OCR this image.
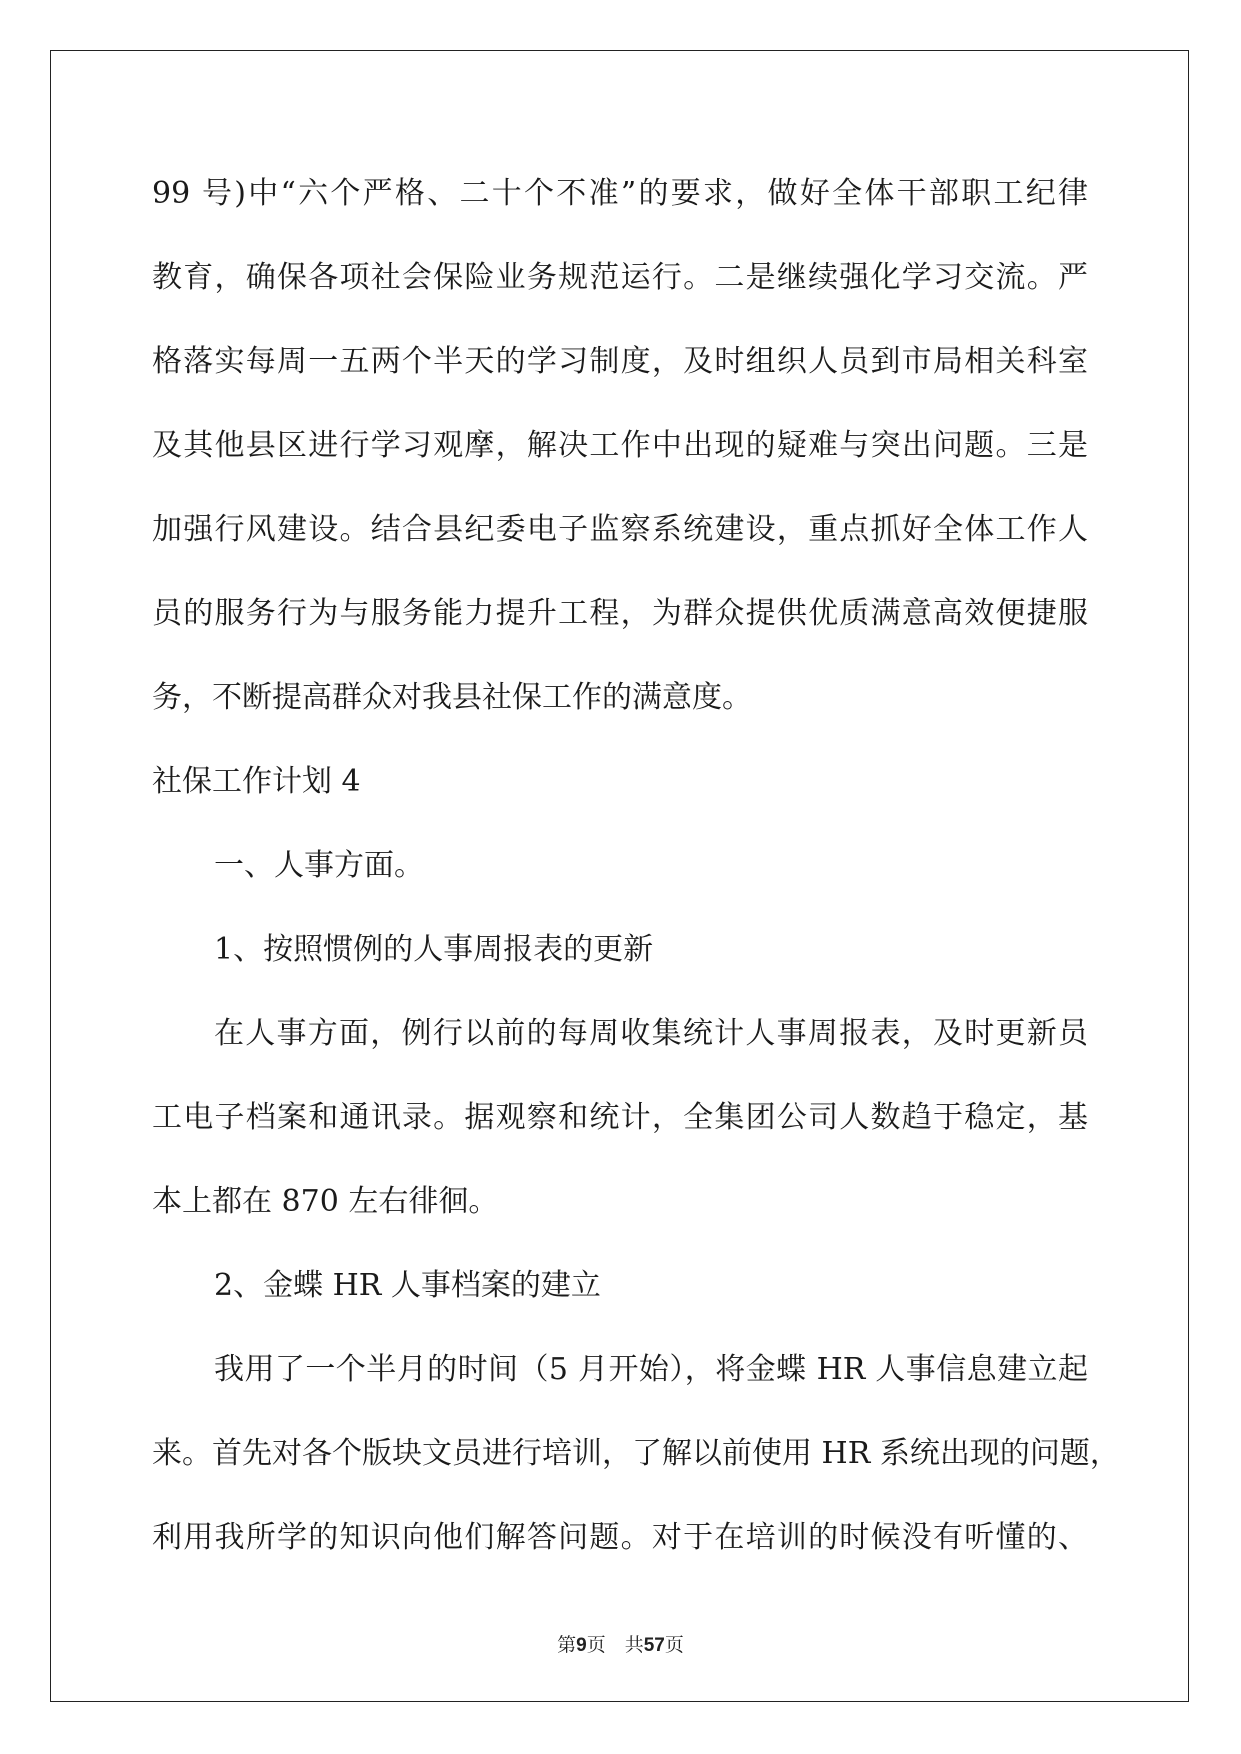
99 号)中“六个严格、二十个不准”的要求，做好全体干部职工纪律
教育，确保各项社会保险业务规范运行。二是继续强化学习交流。严
格落实每周一五两个半天的学习制度，及时组织人员到市局相关科室
及其他县区进行学习观摩，解决工作中出现的疑难与突出问题。三是
加强行风建设。结合县纪委电子监察系统建设，重点抓好全体工作人
员的服务行为与服务能力提升工程，为群众提供优质满意高效便捷服
务，不断提高群众对我县社保工作的满意度。
社保工作计划 4
一、人事方面。
1、按照惯例的人事周报表的更新
在人事方面，例行以前的每周收集统计人事周报表，及时更新员
工电子档案和通讯录。据观察和统计，全集团公司人数趋于稳定，基
本上都在 870 左右徘徊。
2、金蝶 HR 人事档案的建立
我用了一个半月的时间（5 月开始），将金蝶 HR 人事信息建立起
来。首先对各个版块文员进行培训，了解以前使用 HR 系统出现的问题，
利用我所学的知识向他们解答问题。对于在培训的时候没有听懂的、
第9页　共57页
